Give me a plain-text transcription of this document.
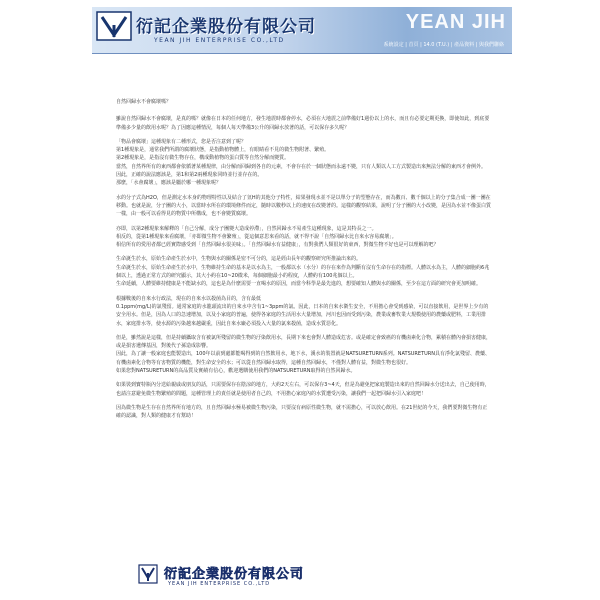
衍記企業股份有限公司
YEAN JIH ENTERPRISE CO.,LTD
YEAN JIH
系統設定 | 首頁 | 14.0 (T.U.) | 產品資料 | 與我們聯絡
自然回歸水不會腐壞嗎？

雖說自然回歸水不會腐壞，是真的嗎？就像在日本的任何地方，發生地震時都會停水，必須在大地震之前準備好1週份以上的水，而且有必要定期更換，即使如此，到底要準備多少量的飲用水呢？為了因應這種情況，每個人每天準備3公升的回歸水放著的話，可以保存多久呢？

「物品會腐壞」這種現象有二種形式，您是否注意到了呢？
第1種現象是，通常我們所謂的腐壞狀態，是指動植物體上，有眼睛看不見的微生物附著、繁殖。
第2種現象是，是指沒有微生物存在，構成動植物的蛋白質等自然分解而變質。
當然，自然界所有的東西都會依循著某種規律，由分解而回歸到各自的元素，不會存在於一個狀態而永遠不變，只有人類以人工方式製造出來無法分解的東西才會例外。
因此，正確的說法應該是，第1和第2兩種現象同時並行並存在的。
那麼，「水會腐壞」，應該是屬於哪一種現象呢？

水的分子式為H2O，但是測定水本身的物理特性以及結合了氫H的其他分子特性，結果發現水並不是以單分子的型態存在，而為數百、數千個以上的分子集合成一團一團在移動。也就是說，分子團的大小，以當時水所在的環境條件而定，隨時以數秒以上的速度在改變著的。這樣的觀察結果，說明了分子團的大小改變，是因為水並不像蛋白質一樣，由一般可以看得見的物質中所構成，也不會變質腐壞。

亦即，以第2種現象來解釋的「自己分解，成分子團變大造成停滯」，自然回歸水不易產生這種現象，這是其特長之一。
相反的，從第1種現象來看腐壞，「亦即微生物不會繁殖」，從這個意思來看的話，就不得不說「自然回歸水比自來水容易腐壞」。
相信所有的愛用者都已經實際感受到「自然回歸水很美味」。「自然回歸水有益健康」，有對我們人類很好的東西，對微生物不好也是可以理解的吧？

生命誕生於水，原始生命產生於水中，生物與水的關係是密不可分的，這是經由長年的觀察研究所推論出來的。
生命誕生於水，原始生命產生於水中，生物維持生命的基本是以水為主，一般都以水（水分）的存在來作為判斷有沒有生命存在的指標。人體以水為主，人體的細胞約6兆個以上，透過正常方式的研究顯示，其大小約在10~20微米，每個細胞最小的程度，人體約有100兆個以上。
生命延續，人體要維持健康是不能缺水的，這也是為什麼需要一直喝水的原因，而當今科學是最先進的，想要確知人體與水的關係，至少在這方面的研究會更加明確。

根據戰後的自來水行政法，現在的自來水以殺菌為目的，含有最低
0.1ppm(mg/L)的氯殘留。通常家庭的水龍頭流出的自來水中含有1~3ppm的氯。因此，日本的自來水衛生安全，不用擔心會受到感染，可以直接飲用，是世界上少有的安全用水。但是，因為人口的急速增加，以及小家庭的普遍，使得各家庭的生活用水大量增加，河川也因而受到污染，農業或畜牧業大規模使用的農藥或肥料，工業用排水，家庭排水等，使水源的污染越來越嚴重，因此自來水廠必須投入大量的氯來殺菌，造成水質惡化。

但是，雖然說是這樣，但是持續攝取含有被氯所殘留的微生物的汙染飲用水，長期下來也會對人體造成危害。或是確定會致癌的有機鹵素化合物，累積在體內會損害健康，或是損害遺傳基因，對後代子孫造成影響。
因此，為了讓一般家庭也能製造出，100年以前到處都能喝得到的自然飲用水，地下水，溪水的裝置就是NATSURETURN系列。NATSURETURN具有淨化氯殘留、農藥、有機鹵素化合物等有害物質的機能，對生命安全的水；可以從自然回歸水取得，這種自然回歸水，不僅對人體有益，對微生物也很好。
如果您對NATSURETURN的高品質及實績有信心，歡迎選購使用我們的NATSURETURN取得的自然回歸水。

如果裝到寶特瓶內分送給親戚或朋友的話，只需要保存在陰涼的地方，大約2天左右，可以保存3~4天，但是為避免把家庭製造出來的自然回歸水分送出去，自己使用時，也請注意避免微生物繁殖的問題，這種管理上的責任就是使用者自己的，不用擔心家庭內的水質遭受污染，讓我們一起把回歸水引入家庭吧！

因為微生物是生存在自然界所有地方的，且自然回歸水極易被微生物污染，只要沒有病原性微生物，就不需擔心，可以放心飲用。在21世紀的今天，我們要對微生物有正確的認識，對人類的健康才有幫助！

衍記企業股份有限公司
YEAN JIH ENTERPRISE CO.,LTD
